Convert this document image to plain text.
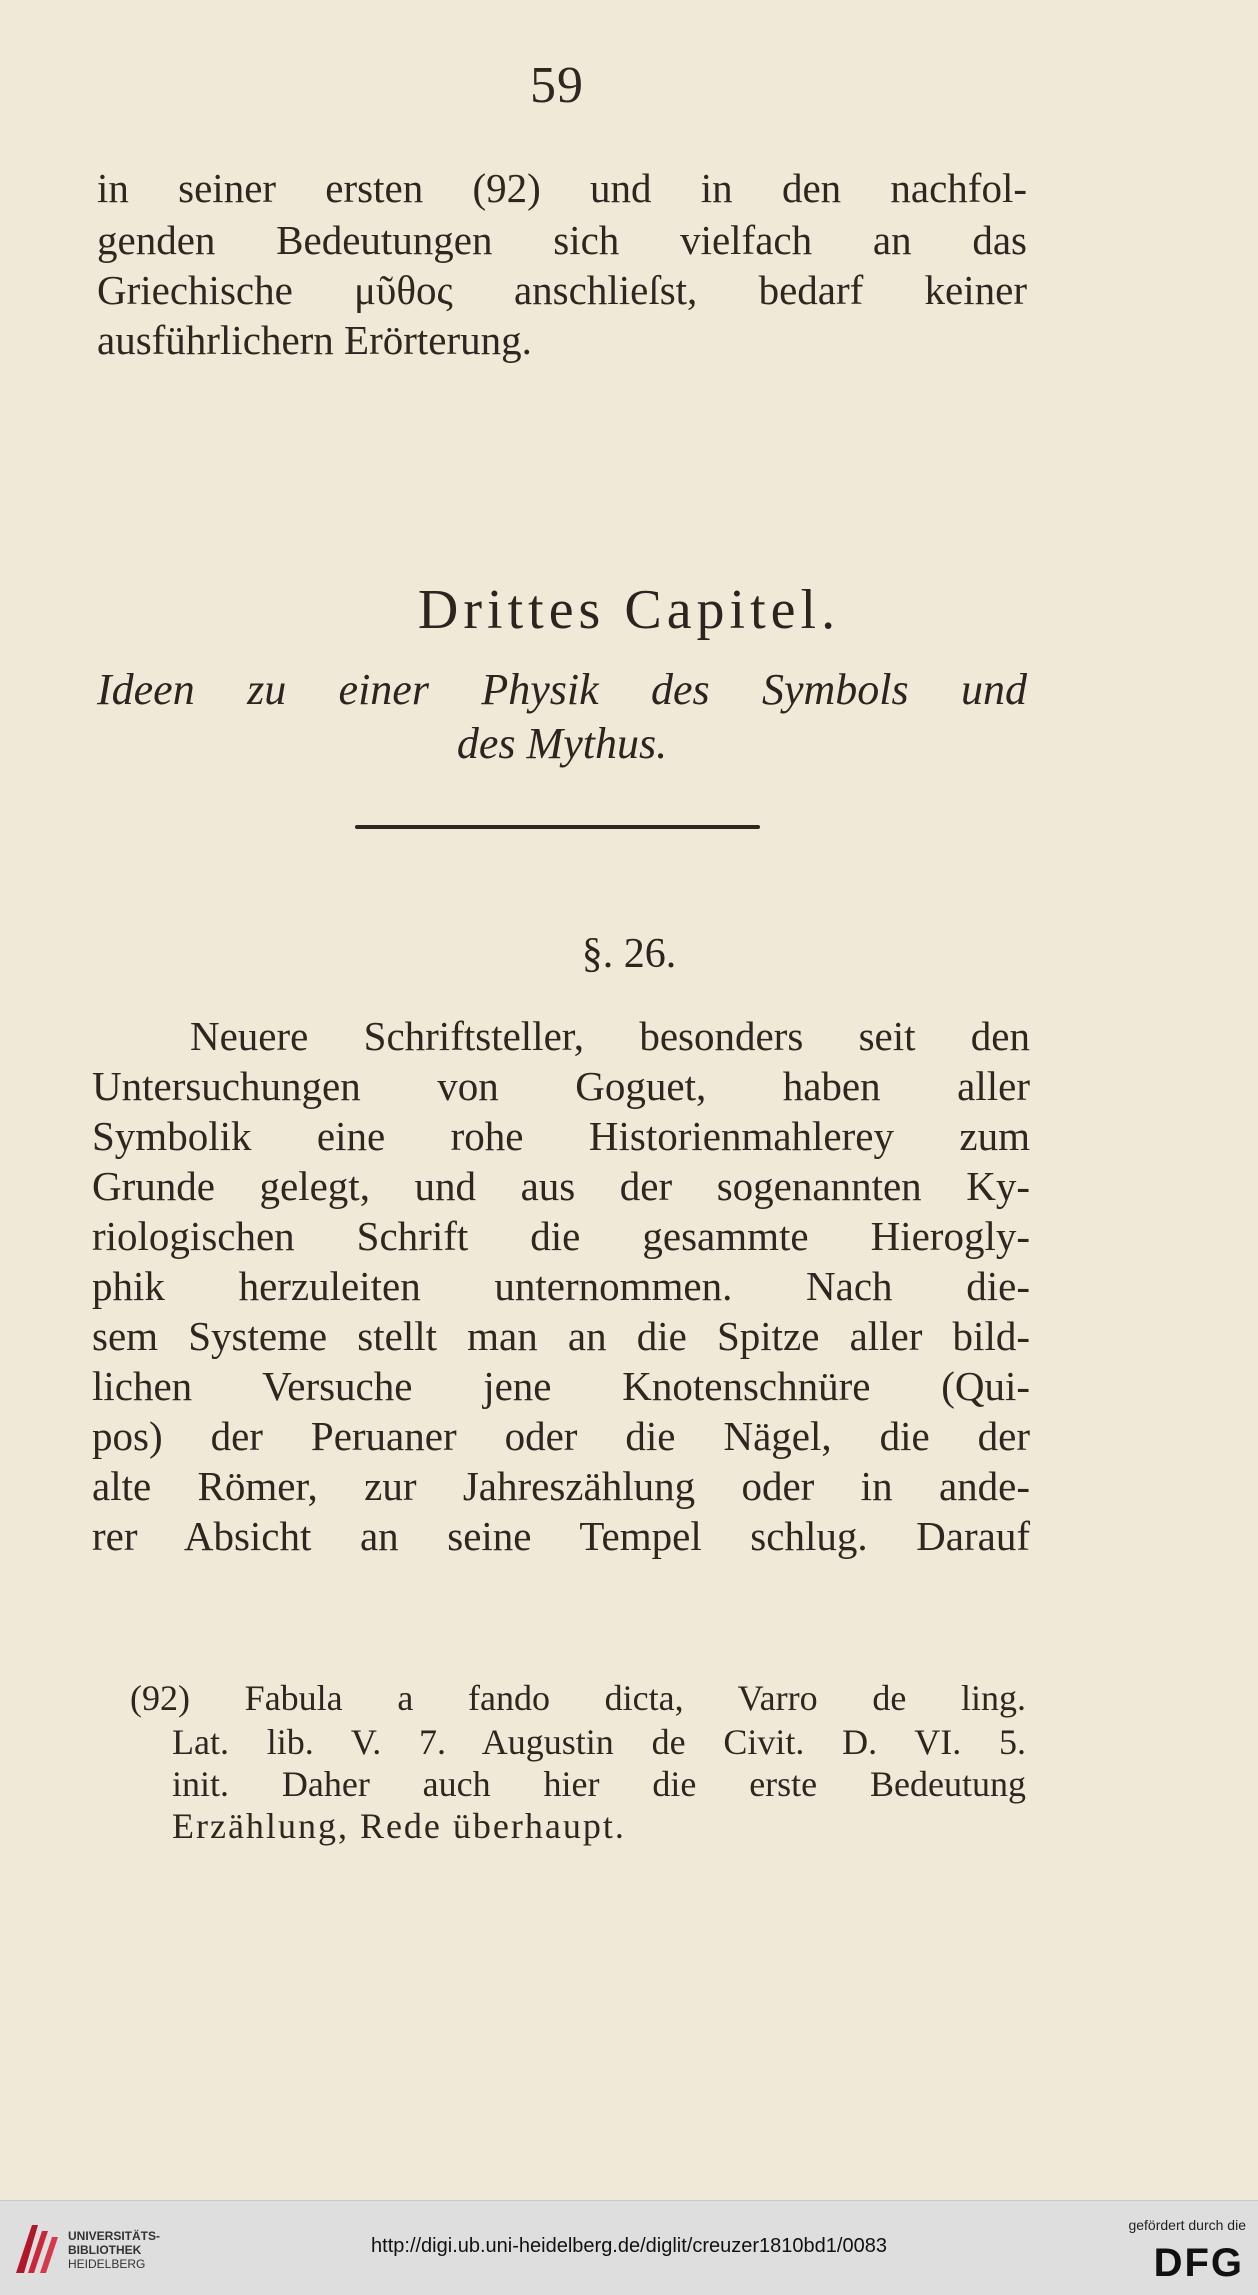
59
in seiner ersten (92) und in den nachfol-
genden Bedeutungen sich vielfach an das
Griechische μῦθος anschlieſst, bedarf keiner
ausführlichern Erörterung.
Drittes Capitel.
Ideen zu einer Physik des Symbols und
des Mythus.
§. 26.
Neuere Schriftsteller, besonders seit den
Untersuchungen von Goguet, haben aller
Symbolik eine rohe Historienmahlerey zum
Grunde gelegt, und aus der sogenannten Ky-
riologischen Schrift die gesammte Hierogly-
phik herzuleiten unternommen. Nach die-
sem Systeme stellt man an die Spitze aller bild-
lichen Versuche jene Knotenschnüre (Qui-
pos) der Peruaner oder die Nägel, die der
alte Römer, zur Jahreszählung oder in ande-
rer Absicht an seine Tempel schlug. Darauf
(92) Fabula a fando dicta, Varro de ling.
Lat. lib. V. 7. Augustin de Civit. D. VI. 5.
init. Daher auch hier die erste Bedeutung
Erzählung, Rede überhaupt.
UNIVERSITÄTS-
BIBLIOTHEK
HEIDELBERG
http://digi.ub.uni-heidelberg.de/diglit/creuzer1810bd1/0083
gefördert durch die
DFG
